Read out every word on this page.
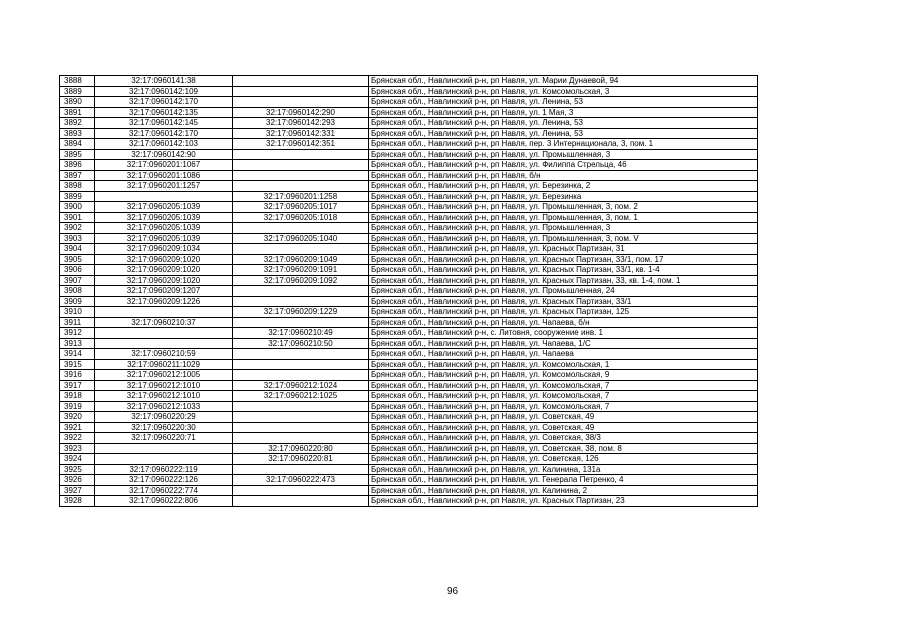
3888	32:17:0960141:38		Брянская обл., Навлинский р-н, рп Навля, ул. Марии Дунаевой, 94
3889	32:17:0960142:109		Брянская обл., Навлинский р-н, рп Навля, ул. Комсомольская, 3
3890	32:17:0960142:170		Брянская обл., Навлинский р-н, рп Навля, ул. Ленина, 53
3891	32:17:0960142:135	32:17:0960142:290	Брянская обл., Навлинский р-н, рп Навля, ул. 1 Мая, 3
3892	32:17:0960142:145	32:17:0960142:293	Брянская обл., Навлинский р-н, рп Навля, ул. Ленина, 53
3893	32:17:0960142:170	32:17:0960142:331	Брянская обл., Навлинский р-н, рп Навля, ул. Ленина, 53
3894	32:17:0960142:103	32:17:0960142:351	Брянская обл., Навлинский р-н, рп Навля, пер. 3 Интернационала, 3, пом. 1
3895	32:17:0960142:90		Брянская обл., Навлинский р-н, рп Навля, ул. Промышленная, 3
3896	32:17:0960201:1067		Брянская обл., Навлинский р-н, рп Навля, ул. Филиппа Стрельца, 46
3897	32:17:0960201:1086		Брянская обл., Навлинский р-н, рп Навля, б/н
3898	32:17:0960201:1257		Брянская обл., Навлинский р-н, рп Навля, ул. Березинка, 2
3899		32:17:0960201:1258	Брянская обл., Навлинский р-н, рп Навля, ул. Березинка
3900	32:17:0960205:1039	32:17:0960205:1017	Брянская обл., Навлинский р-н, рп Навля, ул. Промышленная, 3, пом. 2
3901	32:17:0960205:1039	32:17:0960205:1018	Брянская обл., Навлинский р-н, рп Навля, ул. Промышленная, 3, пом. 1
3902	32:17:0960205:1039		Брянская обл., Навлинский р-н, рп Навля, ул. Промышленная, 3
3903	32:17:0960205:1039	32:17:0960205:1040	Брянская обл., Навлинский р-н, рп Навля, ул. Промышленная, 3, пом. V
3904	32:17:0960209:1034		Брянская обл., Навлинский р-н, рп Навля, ул. Красных Партизан, 31
3905	32:17:0960209:1020	32:17:0960209:1049	Брянская обл., Навлинский р-н, рп Навля, ул. Красных Партизан, 33/1, пом. 17
3906	32:17:0960209:1020	32:17:0960209:1091	Брянская обл., Навлинский р-н, рп Навля, ул. Красных Партизан, 33/1, кв. 1-4
3907	32:17:0960209:1020	32:17:0960209:1092	Брянская обл., Навлинский р-н, рп Навля, ул. Красных Партизан, 33, кв. 1-4, пом. 1
3908	32:17:0960209:1207		Брянская обл., Навлинский р-н, рп Навля, ул. Промышленная, 24
3909	32:17:0960209:1226		Брянская обл., Навлинский р-н, рп Навля, ул. Красных Партизан, 33/1
3910		32:17:0960209:1229	Брянская обл., Навлинский р-н, рп Навля, ул. Красных Партизан, 125
3911	32:17:0960210:37		Брянская обл., Навлинский р-н, рп Навля, ул. Чапаева, б/н
3912		32:17:0960210:49	Брянская обл., Навлинский р-н, с. Литовня, сооружение инв. 1
3913		32:17:0960210:50	Брянская обл., Навлинский р-н, рп Навля, ул. Чапаева, 1/С
3914	32:17:0960210:59		Брянская обл., Навлинский р-н, рп Навля, ул. Чапаева
3915	32:17:0960211:1029		Брянская обл., Навлинский р-н, рп Навля, ул. Комсомольская, 1
3916	32:17:0960212:1005		Брянская обл., Навлинский р-н, рп Навля, ул. Комсомольская, 9
3917	32:17:0960212:1010	32:17:0960212:1024	Брянская обл., Навлинский р-н, рп Навля, ул. Комсомольская, 7
3918	32:17:0960212:1010	32:17:0960212:1025	Брянская обл., Навлинский р-н, рп Навля, ул. Комсомольская, 7
3919	32:17:0960212:1033		Брянская обл., Навлинский р-н, рп Навля, ул. Комсомольская, 7
3920	32:17:0960220:29		Брянская обл., Навлинский р-н, рп Навля, ул. Советская, 49
3921	32:17:0960220:30		Брянская обл., Навлинский р-н, рп Навля, ул. Советская, 49
3922	32:17:0960220:71		Брянская обл., Навлинский р-н, рп Навля, ул. Советская, 38/3
3923		32:17:0960220:80	Брянская обл., Навлинский р-н, рп Навля, ул. Советская, 38, пом. 8
3924		32:17:0960220:81	Брянская обл., Навлинский р-н, рп Навля, ул. Советская, 126
3925	32:17:0960222:119		Брянская обл., Навлинский р-н, рп Навля, ул. Калинина, 131а
3926	32:17:0960222:126	32:17:0960222:473	Брянская обл., Навлинский р-н, рп Навля, ул. Генерала Петренко, 4
3927	32:17:0960222:774		Брянская обл., Навлинский р-н, рп Навля, ул. Калинина, 2
3928	32:17:0960222:806		Брянская обл., Навлинский р-н, рп Навля, ул. Красных Партизан, 23
96
